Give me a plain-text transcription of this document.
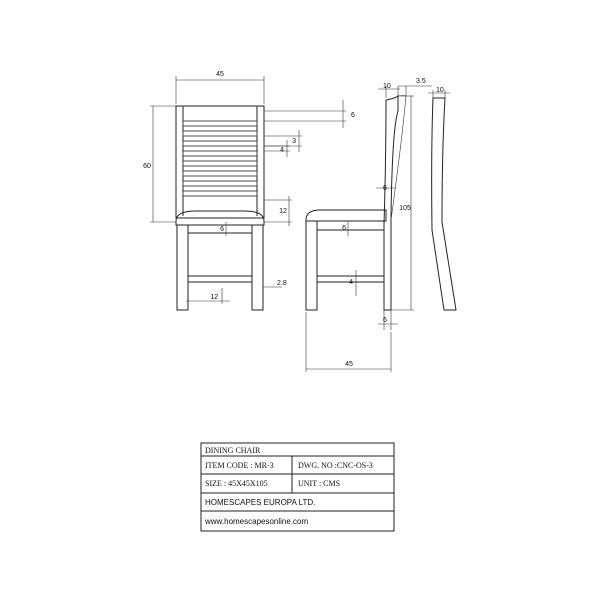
45
60
6
3
4
12
6
2.8
12
10
3.5
6
105
6
4
6
45
10
DINING CHAIR
ITEM CODE : MR-3	DWG. NO :CNC-OS-3
SIZE : 45X45X105	UNIT : CMS
HOMESCAPES EUROPA LTD.
www.homescapesonline.com
